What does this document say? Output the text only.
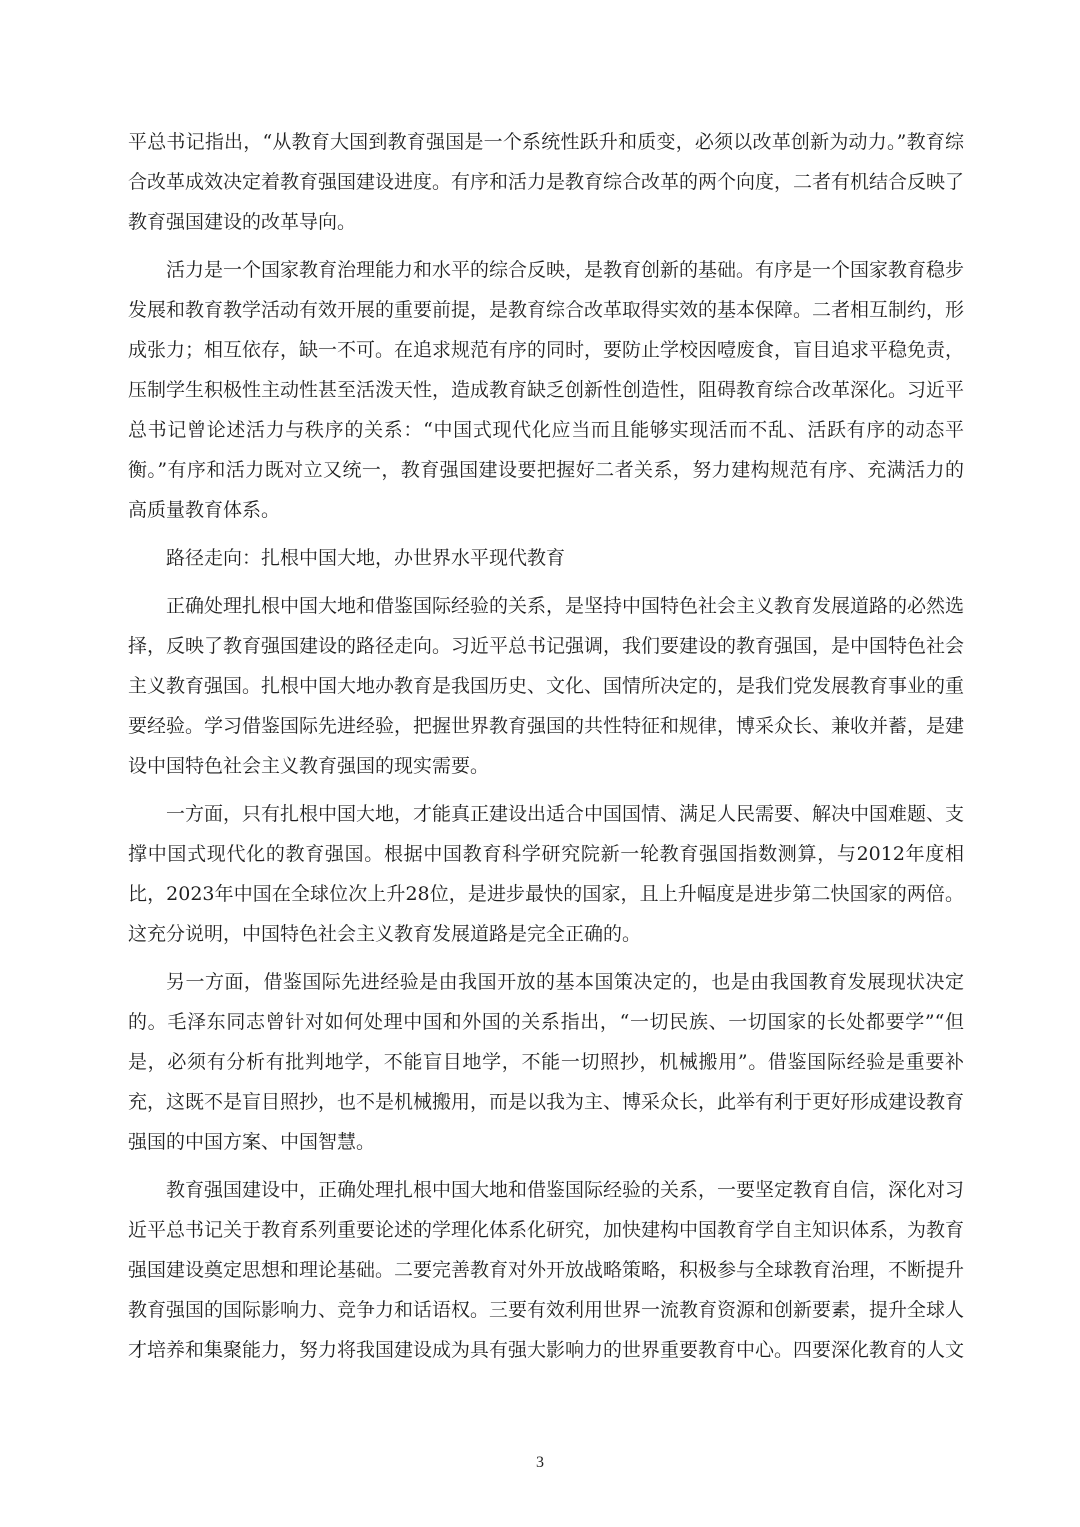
平总书记指出，“从教育大国到教育强国是一个系统性跃升和质变，必须以改革创新为动力。”教育综合改革成效决定着教育强国建设进度。有序和活力是教育综合改革的两个向度，二者有机结合反映了教育强国建设的改革导向。

活力是一个国家教育治理能力和水平的综合反映，是教育创新的基础。有序是一个国家教育稳步发展和教育教学活动有效开展的重要前提，是教育综合改革取得实效的基本保障。二者相互制约，形成张力；相互依存，缺一不可。在追求规范有序的同时，要防止学校因噎废食，盲目追求平稳免责，压制学生积极性主动性甚至活泼天性，造成教育缺乏创新性创造性，阻碍教育综合改革深化。习近平总书记曾论述活力与秩序的关系：“中国式现代化应当而且能够实现活而不乱、活跃有序的动态平衡。”有序和活力既对立又统一，教育强国建设要把握好二者关系，努力建构规范有序、充满活力的高质量教育体系。

路径走向：扎根中国大地，办世界水平现代教育

正确处理扎根中国大地和借鉴国际经验的关系，是坚持中国特色社会主义教育发展道路的必然选择，反映了教育强国建设的路径走向。习近平总书记强调，我们要建设的教育强国，是中国特色社会主义教育强国。扎根中国大地办教育是我国历史、文化、国情所决定的，是我们党发展教育事业的重要经验。学习借鉴国际先进经验，把握世界教育强国的共性特征和规律，博采众长、兼收并蓄，是建设中国特色社会主义教育强国的现实需要。

一方面，只有扎根中国大地，才能真正建设出适合中国国情、满足人民需要、解决中国难题、支撑中国式现代化的教育强国。根据中国教育科学研究院新一轮教育强国指数测算，与2012年度相比，2023年中国在全球位次上升28位，是进步最快的国家，且上升幅度是进步第二快国家的两倍。这充分说明，中国特色社会主义教育发展道路是完全正确的。

另一方面，借鉴国际先进经验是由我国开放的基本国策决定的，也是由我国教育发展现状决定的。毛泽东同志曾针对如何处理中国和外国的关系指出，“一切民族、一切国家的长处都要学”“但是，必须有分析有批判地学，不能盲目地学，不能一切照抄，机械搬用”。借鉴国际经验是重要补充，这既不是盲目照抄，也不是机械搬用，而是以我为主、博采众长，此举有利于更好形成建设教育强国的中国方案、中国智慧。

教育强国建设中，正确处理扎根中国大地和借鉴国际经验的关系，一要坚定教育自信，深化对习近平总书记关于教育系列重要论述的学理化体系化研究，加快建构中国教育学自主知识体系，为教育强国建设奠定思想和理论基础。二要完善教育对外开放战略策略，积极参与全球教育治理，不断提升教育强国的国际影响力、竞争力和话语权。三要有效利用世界一流教育资源和创新要素，提升全球人才培养和集聚能力，努力将我国建设成为具有强大影响力的世界重要教育中心。四要深化教育的人文

3
